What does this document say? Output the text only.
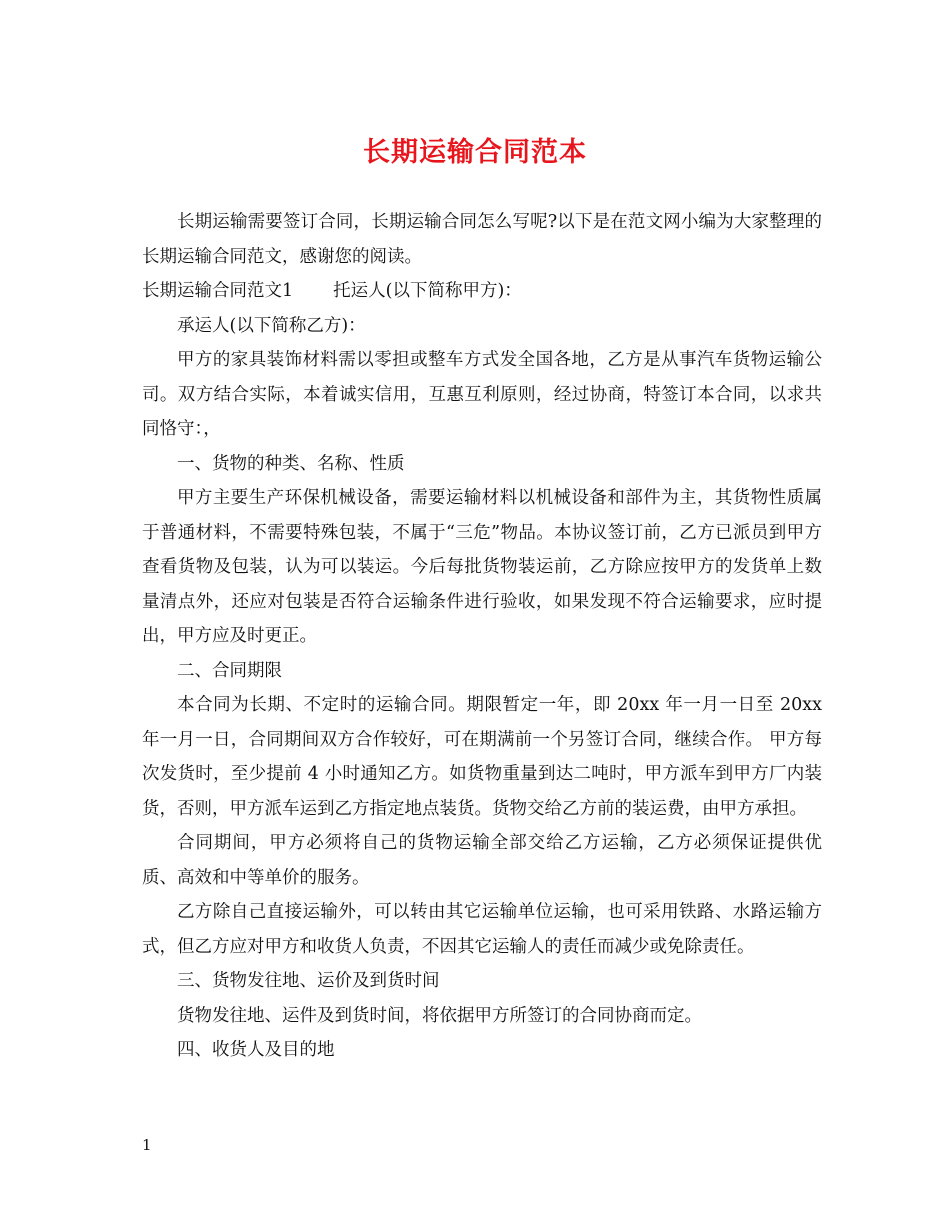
长期运输合同范本

长期运输需要签订合同，长期运输合同怎么写呢?以下是在范文网小编为大家整理的长期运输合同范文，感谢您的阅读。

长期运输合同范文1 托运人(以下简称甲方)：

承运人(以下简称乙方)：

甲方的家具装饰材料需以零担或整车方式发全国各地，乙方是从事汽车货物运输公司。双方结合实际，本着诚实信用，互惠互利原则，经过协商，特签订本合同，以求共同恪守：，

一、货物的种类、名称、性质

甲方主要生产环保机械设备，需要运输材料以机械设备和部件为主，其货物性质属于普通材料，不需要特殊包装，不属于“三危”物品。本协议签订前，乙方已派员到甲方查看货物及包装，认为可以装运。今后每批货物装运前，乙方除应按甲方的发货单上数量清点外，还应对包装是否符合运输条件进行验收，如果发现不符合运输要求，应时提出，甲方应及时更正。

二、合同期限

本合同为长期、不定时的运输合同。期限暂定一年，即 20xx 年一月一日至 20xx 年一月一日，合同期间双方合作较好，可在期满前一个另签订合同，继续合作。 甲方每次发货时，至少提前 4 小时通知乙方。如货物重量到达二吨时，甲方派车到甲方厂内装货，否则，甲方派车运到乙方指定地点装货。货物交给乙方前的装运费，由甲方承担。

合同期间，甲方必须将自己的货物运输全部交给乙方运输，乙方必须保证提供优质、高效和中等单价的服务。

乙方除自己直接运输外，可以转由其它运输单位运输，也可采用铁路、水路运输方式，但乙方应对甲方和收货人负责，不因其它运输人的责任而减少或免除责任。

三、货物发往地、运价及到货时间

货物发往地、运件及到货时间，将依据甲方所签订的合同协商而定。

四、收货人及目的地

1
